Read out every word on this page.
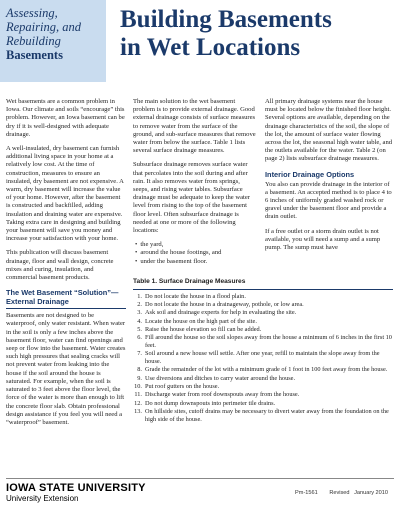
Assessing,
Repairing, and
Rebuilding
Basements
Building Basements
in Wet Locations

Wet basements are a common problem in Iowa. Our climate and soils “encourage” this problem. However, an Iowa basement can be dry if it is well-designed with adequate drainage.

A well-insulated, dry basement can furnish additional living space in your home at a relatively low cost. At the time of construction, measures to ensure an insulated, dry basement are not expensive. A warm, dry basement will increase the value of your home. However, after the basement is constructed and backfilled, adding insulation and draining water are expensive. Taking extra care in designing and building your basement will save you money and increase your satisfaction with your home.

This publication will discuss basement drainage, floor and wall design, concrete mixes and curing, insulation, and commercial basement products.

The Wet Basement “Solution”—External Drainage

Basements are not designed to be waterproof, only water resistant. When water in the soil is only a few inches above the basement floor, water can find openings and seep or flow into the basement. Water creates such high pressures that sealing cracks will not prevent water from leaking into the house if the soil around the house is saturated. For example, when the soil is saturated to 3 feet above the floor level, the force of the water is more than enough to lift the concrete floor slab. Obtain professional design assistance if you feel you will need a “waterproof” basement.

The main solution to the wet basement problem is to provide external drainage. Good external drainage consists of surface measures to remove water from the surface of the ground, and sub-surface measures that remove water from below the surface. Table 1 lists several surface drainage measures.

Subsurface drainage removes surface water that percolates into the soil during and after rain. It also removes water from springs, seeps, and rising water tables. Subsurface drainage must be adequate to keep the water level from rising to the top of the basement floor level. Often subsurface drainage is needed at one or more of the following locations:

• the yard,
• around the house footings, and
• under the basement floor.

All primary drainage systems near the house must be located below the finished floor height. Several options are available, depending on the drainage characteristics of the soil, the slope of the lot, the amount of surface water flowing across the lot, the seasonal high water table, and the outlets available for the water. Table 2 (on page 2) lists subsurface drainage measures.

Interior Drainage Options

You also can provide drainage in the interior of a basement. An accepted method is to place 4 to 6 inches of uniformly graded washed rock or gravel under the basement floor and provide a drain outlet.

If a free outlet or a storm drain outlet is not available, you will need a sump and a sump pump. The sump must have

Table 1. Surface Drainage Measures
1. Do not locate the house in a flood plain.
2. Do not locate the house in a drainageway, pothole, or low area.
3. Ask soil and drainage experts for help in evaluating the site.
4. Locate the house on the high part of the site.
5. Raise the house elevation so fill can be added.
6. Fill around the house so the soil slopes away from the house a minimum of 6 inches in the first 10 feet.
7. Soil around a new house will settle. After one year, refill to maintain the slope away from the house.
8. Grade the remainder of the lot with a minimum grade of 1 foot in 100 feet away from the house.
9. Use diversions and ditches to carry water around the house.
10. Put roof gutters on the house.
11. Discharge water from roof downspouts away from the house.
12. Do not dump downspouts into perimeter tile drains.
13. On hillside sites, cutoff drains may be necessary to divert water away from the foundation on the high side of the house.
IOWA STATE UNIVERSITY
University Extension
Pm-1561 Revised January 2010
